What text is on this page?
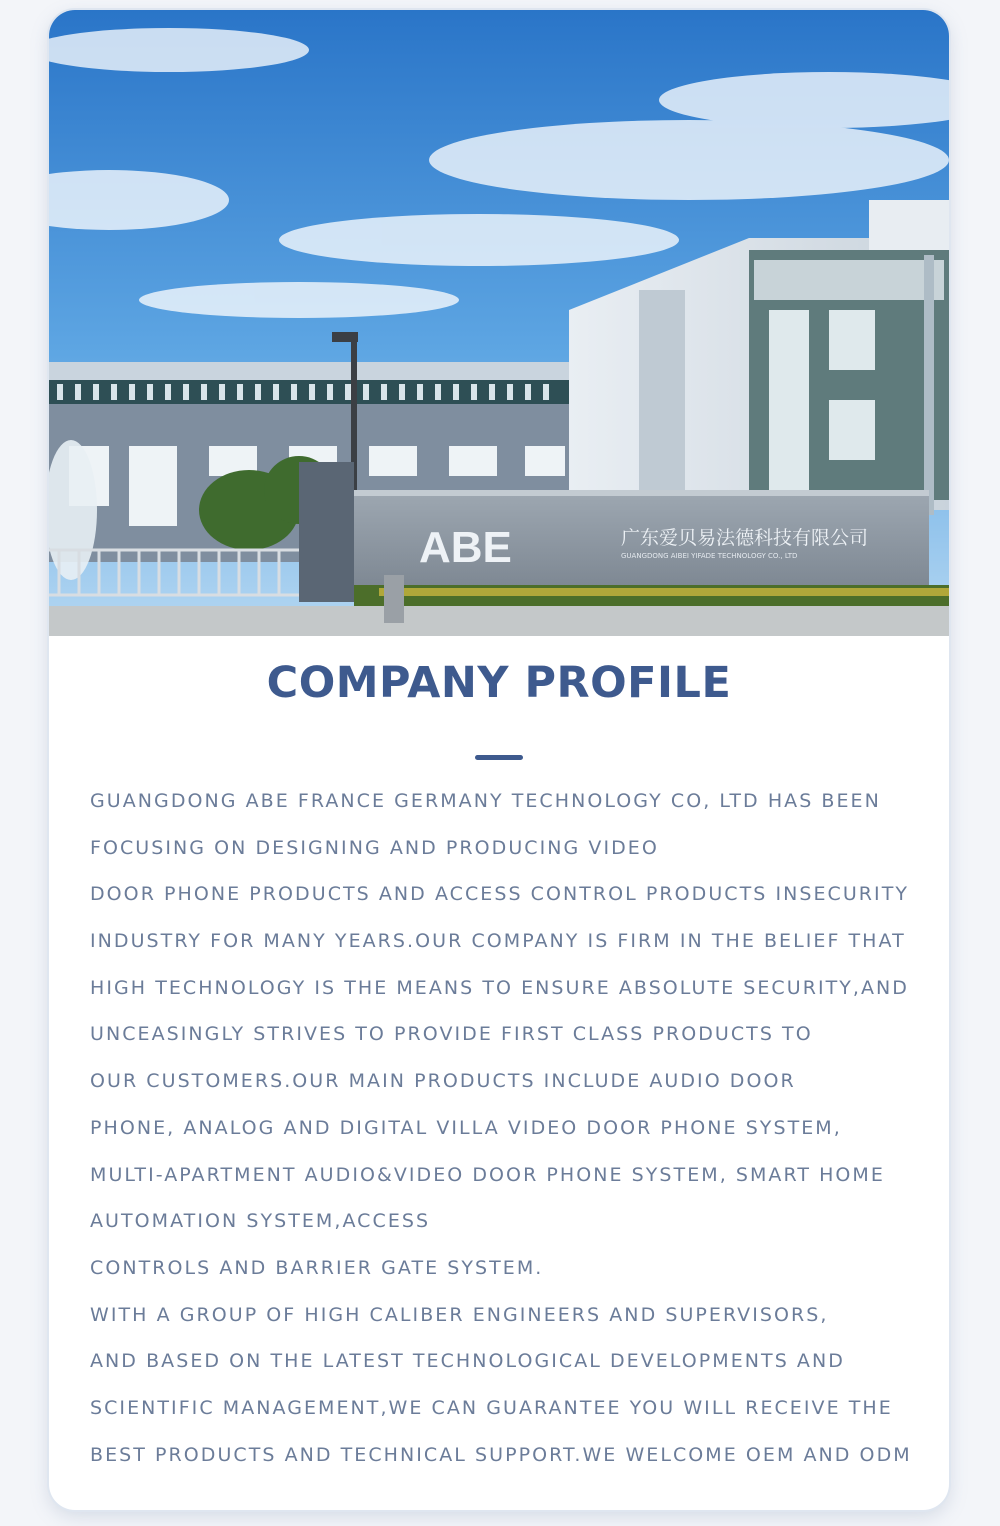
ABE	广东爱贝易法德科技有限公司
GUANGDONG AIBEI YIFADE TECHNOLOGY CO., LTD
COMPANY PROFILE
GUANGDONG ABE FRANCE GERMANY TECHNOLOGY CO, LTD HAS BEEN
FOCUSING ON DESIGNING AND PRODUCING VIDEO
DOOR PHONE PRODUCTS AND ACCESS CONTROL PRODUCTS INSECURITY
INDUSTRY FOR MANY YEARS.OUR COMPANY IS FIRM IN THE BELIEF THAT
HIGH TECHNOLOGY IS THE MEANS TO ENSURE ABSOLUTE SECURITY,AND
UNCEASINGLY STRIVES TO PROVIDE FIRST CLASS PRODUCTS TO
OUR CUSTOMERS.OUR MAIN PRODUCTS INCLUDE AUDIO DOOR
PHONE, ANALOG AND DIGITAL VILLA VIDEO DOOR PHONE SYSTEM,
MULTI-APARTMENT AUDIO&VIDEO DOOR PHONE SYSTEM, SMART HOME
AUTOMATION SYSTEM,ACCESS
CONTROLS AND BARRIER GATE SYSTEM.
WITH A GROUP OF HIGH CALIBER ENGINEERS AND SUPERVISORS,
AND BASED ON THE LATEST TECHNOLOGICAL DEVELOPMENTS AND
SCIENTIFIC MANAGEMENT,WE CAN GUARANTEE YOU WILL RECEIVE THE
BEST PRODUCTS AND TECHNICAL SUPPORT.WE WELCOME OEM AND ODM
